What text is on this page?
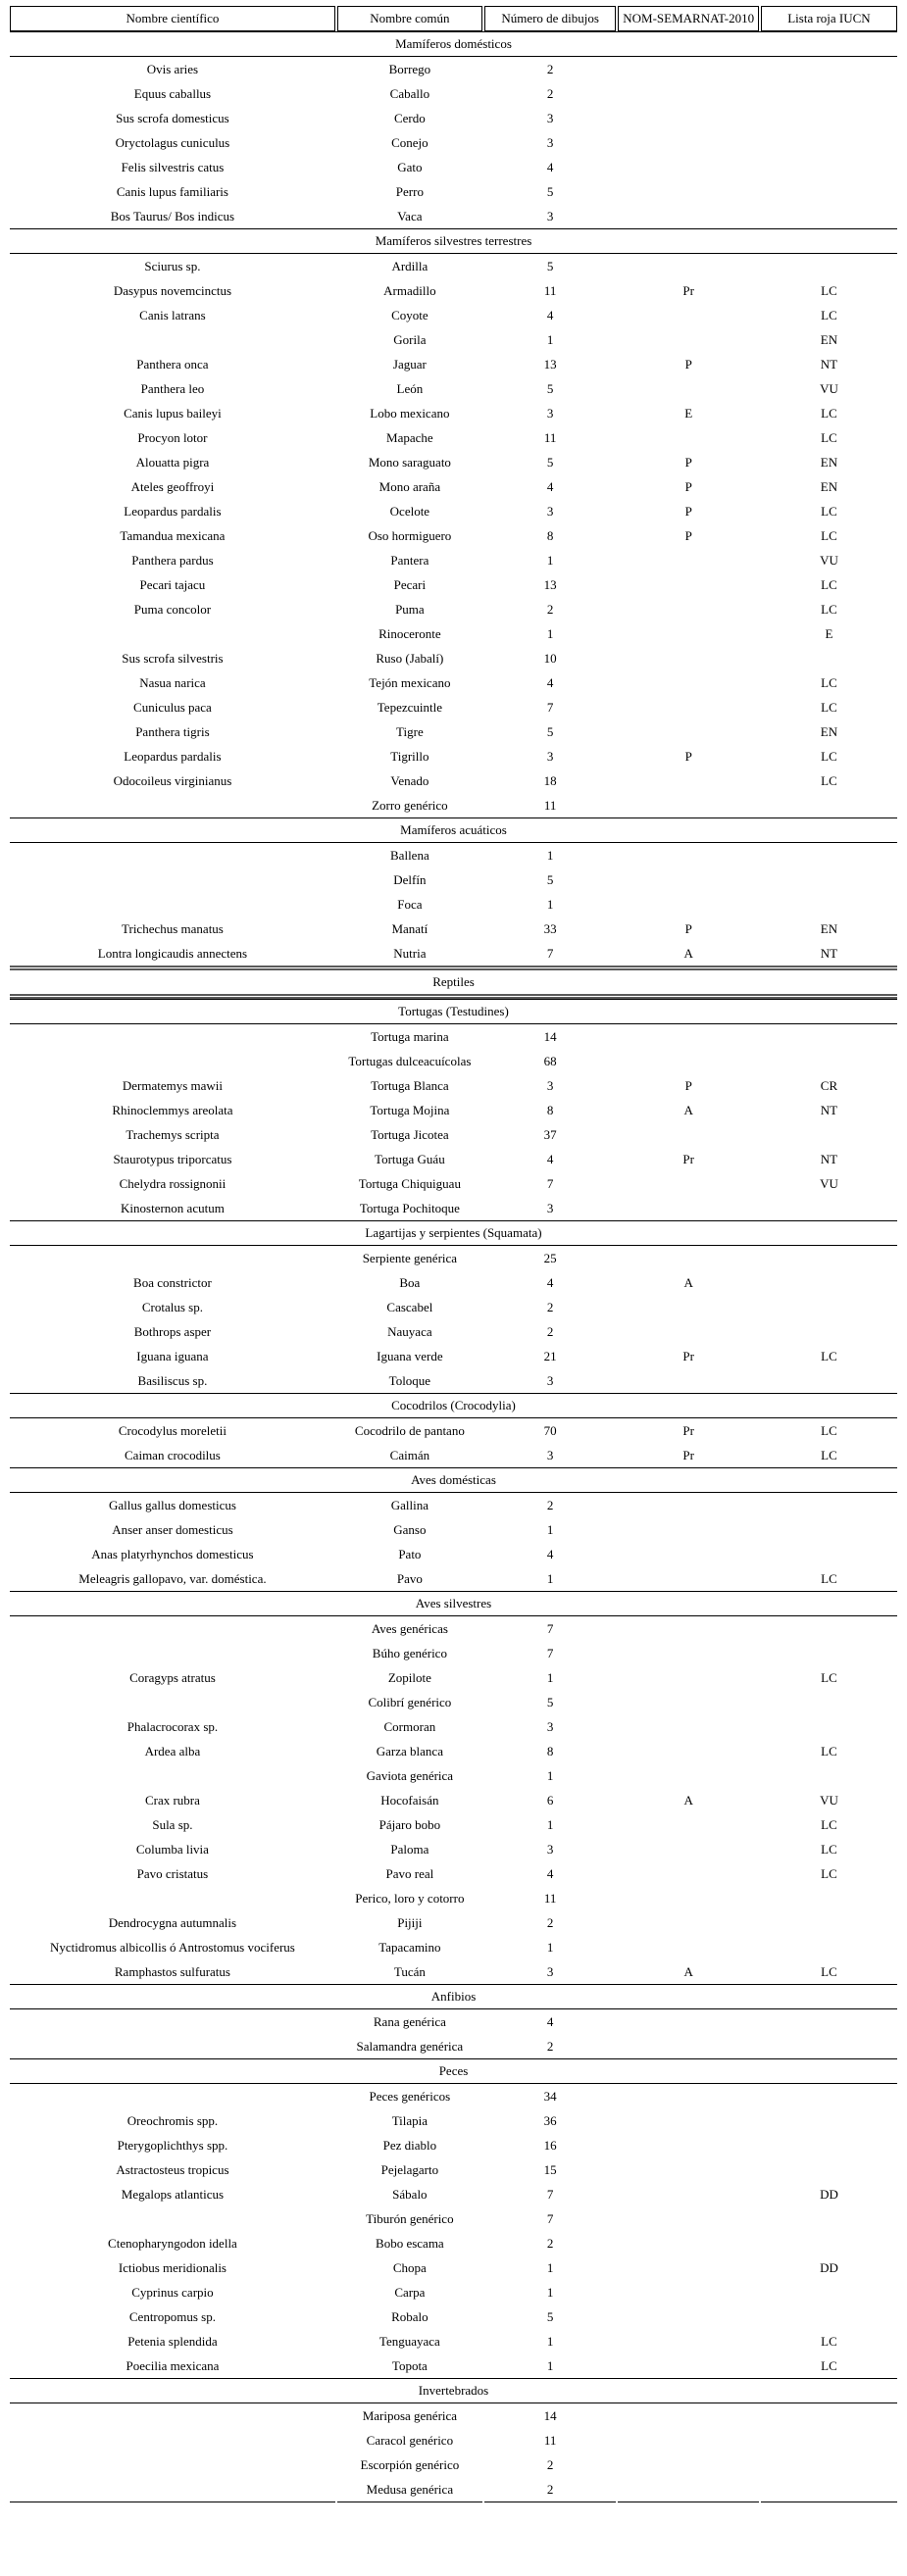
Nombre científico	Nombre común	Número de dibujos	NOM-SEMARNAT-2010	Lista roja IUCN
Mamíferos domésticos				
Ovis aries	Borrego	2		
Equus caballus	Caballo	2		
Sus scrofa domesticus	Cerdo	3		
Oryctolagus cuniculus	Conejo	3		
Felis silvestris catus	Gato	4		
Canis lupus familiaris	Perro	5		
Bos Taurus/ Bos indicus	Vaca	3		
Mamíferos silvestres terrestres				
Sciurus sp.	Ardilla	5		
Dasypus novemcinctus	Armadillo	11	Pr	LC
Canis latrans	Coyote	4		LC
	Gorila	1		EN
Panthera onca	Jaguar	13	P	NT
Panthera leo	León	5		VU
Canis lupus baileyi	Lobo mexicano	3	E	LC
Procyon lotor	Mapache	11		LC
Alouatta pigra	Mono saraguato	5	P	EN
Ateles geoffroyi	Mono araña	4	P	EN
Leopardus pardalis	Ocelote	3	P	LC
Tamandua mexicana	Oso hormiguero	8	P	LC
Panthera pardus	Pantera	1		VU
Pecari tajacu	Pecari	13		LC
Puma concolor	Puma	2		LC
	Rinoceronte	1		E
Sus scrofa silvestris	Ruso (Jabalí)	10		
Nasua narica	Tejón mexicano	4		LC
Cuniculus paca	Tepezcuintle	7		LC
Panthera tigris	Tigre	5		EN
Leopardus pardalis	Tigrillo	3	P	LC
Odocoileus virginianus	Venado	18		LC
	Zorro genérico	11		
Mamíferos acuáticos				
	Ballena	1		
	Delfín	5		
	Foca	1		
Trichechus manatus	Manatí	33	P	EN
Lontra longicaudis annectens	Nutria	7	A	NT
Reptiles				
Tortugas (Testudines)				
	Tortuga marina	14		
	Tortugas dulceacuícolas	68		
Dermatemys mawii	Tortuga Blanca	3	P	CR
Rhinoclemmys areolata	Tortuga Mojina	8	A	NT
Trachemys scripta	Tortuga Jicotea	37		
Staurotypus triporcatus	Tortuga Guáu	4	Pr	NT
Chelydra rossignonii	Tortuga Chiquiguau	7		VU
Kinosternon acutum	Tortuga Pochitoque	3		
Lagartijas y serpientes (Squamata)				
	Serpiente genérica	25		
Boa constrictor	Boa	4	A	
Crotalus sp.	Cascabel	2		
Bothrops asper	Nauyaca	2		
Iguana iguana	Iguana verde	21	Pr	LC
Basiliscus sp.	Toloque	3		
Cocodrilos (Crocodylia)				
Crocodylus moreletii	Cocodrilo de pantano	70	Pr	LC
Caiman crocodilus	Caimán	3	Pr	LC
Aves domésticas				
Gallus gallus domesticus	Gallina	2		
Anser anser domesticus	Ganso	1		
Anas platyrhynchos domesticus	Pato	4		
Meleagris gallopavo, var. doméstica.	Pavo	1		LC
Aves silvestres				
	Aves genéricas	7		
	Búho genérico	7		
Coragyps atratus	Zopilote	1		LC
	Colibrí genérico	5		
Phalacrocorax sp.	Cormoran	3		
Ardea alba	Garza blanca	8		LC
	Gaviota genérica	1		
Crax rubra	Hocofaisán	6	A	VU
Sula sp.	Pájaro bobo	1		LC
Columba livia	Paloma	3		LC
Pavo cristatus	Pavo real	4		LC
	Perico, loro y cotorro	11		
Dendrocygna autumnalis	Pijiji	2		
Nyctidromus albicollis ó Antrostomus vociferus	Tapacamino	1		
Ramphastos sulfuratus	Tucán	3	A	LC
Anfibios				
	Rana genérica	4		
	Salamandra genérica	2		
Peces				
	Peces genéricos	34		
Oreochromis spp.	Tilapia	36		
Pterygoplichthys spp.	Pez diablo	16		
Astractosteus tropicus	Pejelagarto	15		
Megalops atlanticus	Sábalo	7		DD
	Tiburón genérico	7		
Ctenopharyngodon idella	Bobo escama	2		
Ictiobus meridionalis	Chopa	1		DD
Cyprinus carpio	Carpa	1		
Centropomus sp.	Robalo	5		
Petenia splendida	Tenguayaca	1		LC
Poecilia mexicana	Topota	1		LC
Invertebrados				
	Mariposa genérica	14		
	Caracol genérico	11		
	Escorpión genérico	2		
	Medusa genérica	2		
